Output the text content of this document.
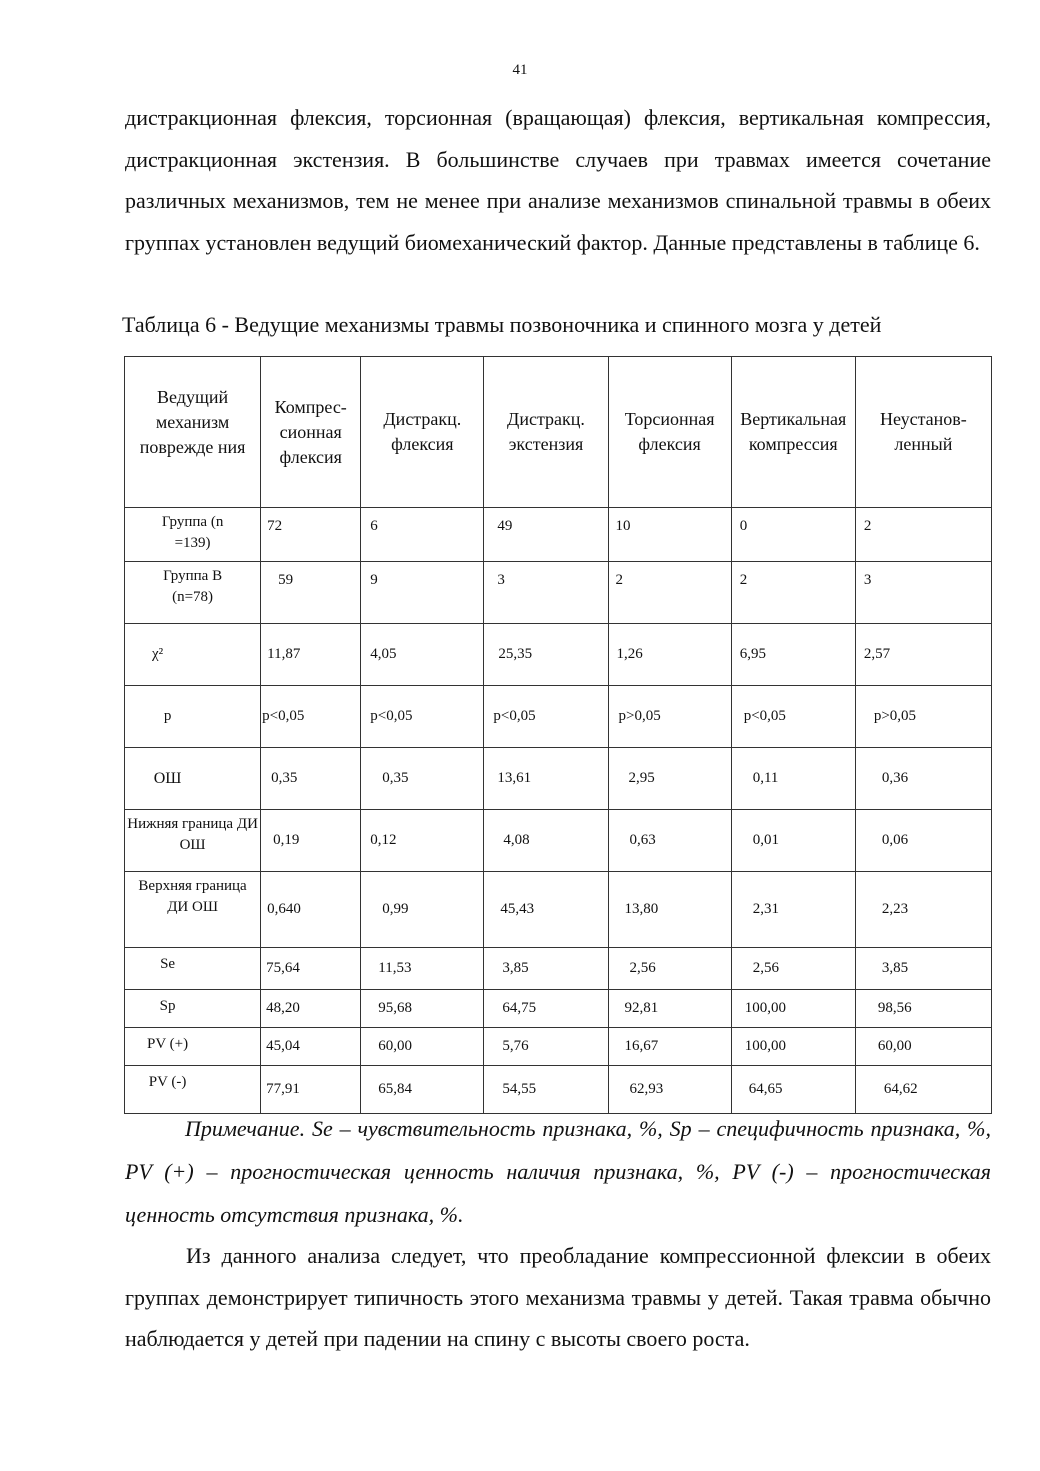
41

дистракционная флексия, торсионная (вращающая) флексия, вертикальная компрессия, дистракционная экстензия. В большинстве случаев при травмах имеется сочетание различных механизмов, тем не менее при анализе механизмов спинальной травмы в обеих группах установлен ведущий биомеханический фактор. Данные представлены в таблице 6.

Таблица 6 - Ведущие механизмы травмы позвоночника и спинного мозга у детей
Ведущий механизм поврежде ния	Компрес-сионная флексия	Дистракц. флексия	Дистракц. экстензия	Торсионная флексия	Вертикальная компрессия	Неустанов-ленный
Группа (n =139)	72	6	49	10	0	2
Группа В (n=78)	59	9	3	2	2	3
χ²	11,87	4,05	25,35	1,26	6,95	2,57
p	p<0,05	p<0,05	p<0,05	p>0,05	p<0,05	p>0,05
ОШ	0,35	0,35	13,61	2,95	0,11	0,36
Нижняя граница ДИ ОШ	0,19	0,12	4,08	0,63	0,01	0,06
Верхняя граница ДИ ОШ	0,640	0,99	45,43	13,80	2,31	2,23
Se	75,64	11,53	3,85	2,56	2,56	3,85
Sp	48,20	95,68	64,75	92,81	100,00	98,56
PV (+)	45,04	60,00	5,76	16,67	100,00	60,00
PV (-)	77,91	65,84	54,55	62,93	64,65	64,62

Примечание. Se – чувствительность признака, %, Sp – специфичность признака, %, PV (+) – прогностическая ценность наличия признака, %, PV (-) – прогностическая ценность отсутствия признака, %.

Из данного анализа следует, что преобладание компрессионной флексии в обеих группах демонстрирует типичность этого механизма травмы у детей. Такая травма обычно наблюдается у детей при падении на спину с высоты своего роста.
